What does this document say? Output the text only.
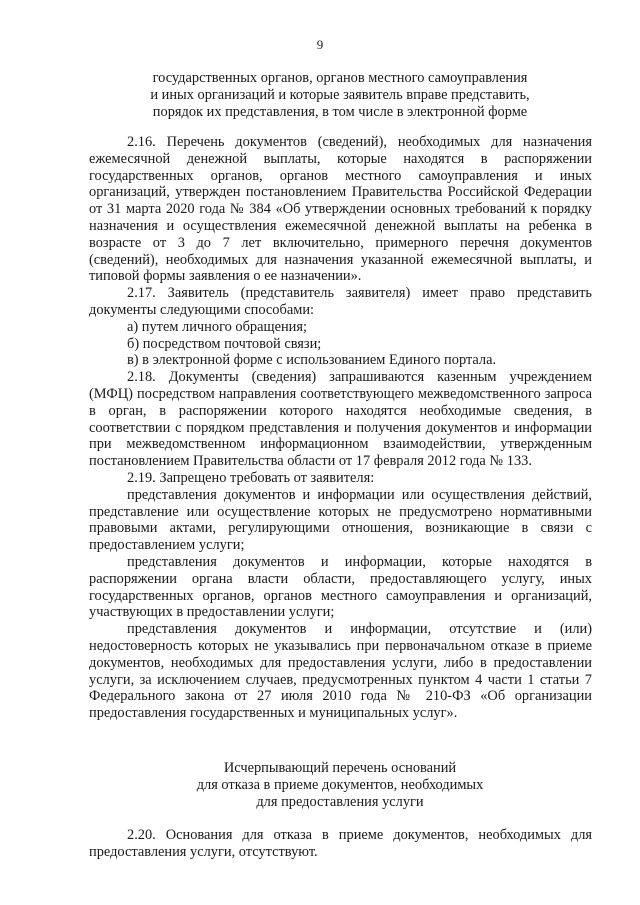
9
государственных органов, органов местного самоуправления
и иных организаций и которые заявитель вправе представить,
порядок их представления, в том числе в электронной форме

2.16. Перечень документов (сведений), необходимых для назначения ежемесячной денежной выплаты, которые находятся в распоряжении государственных органов, органов местного самоуправления и иных организаций, утвержден постановлением Правительства Российской Федерации от 31 марта 2020 года № 384 «Об утверждении основных требований к порядку назначения и осуществления ежемесячной денежной выплаты на ребенка в возрасте от 3 до 7 лет включительно, примерного перечня документов (сведений), необходимых для назначения указанной ежемесячной выплаты, и типовой формы заявления о ее назначении».

2.17. Заявитель (представитель заявителя) имеет право представить документы следующими способами:

а) путем личного обращения;

б) посредством почтовой связи;

в) в электронной форме с использованием Единого портала.

2.18. Документы (сведения) запрашиваются казенным учреждением (МФЦ) посредством направления соответствующего межведомственного запроса в орган, в распоряжении которого находятся необходимые сведения, в соответствии с порядком представления и получения документов и информации при межведомственном информационном взаимодействии, утвержденным постановлением Правительства области от 17 февраля 2012 года № 133.

2.19. Запрещено требовать от заявителя:

представления документов и информации или осуществления действий, представление или осуществление которых не предусмотрено нормативными правовыми актами, регулирующими отношения, возникающие в связи с предоставлением услуги;

представления документов и информации, которые находятся в распоряжении органа власти области, предоставляющего услугу, иных государственных органов, органов местного самоуправления и организаций, участвующих в предоставлении услуги;

представления документов и информации, отсутствие и (или) недостоверность которых не указывались при первоначальном отказе в приеме документов, необходимых для предоставления услуги, либо в предоставлении услуги, за исключением случаев, предусмотренных пунктом 4 части 1 статьи 7 Федерального закона от 27 июля 2010 года № 210-ФЗ «Об организации предоставления государственных и муниципальных услуг».

Исчерпывающий перечень оснований
для отказа в приеме документов, необходимых
для предоставления услуги

2.20. Основания для отказа в приеме документов, необходимых для предоставления услуги, отсутствуют.
